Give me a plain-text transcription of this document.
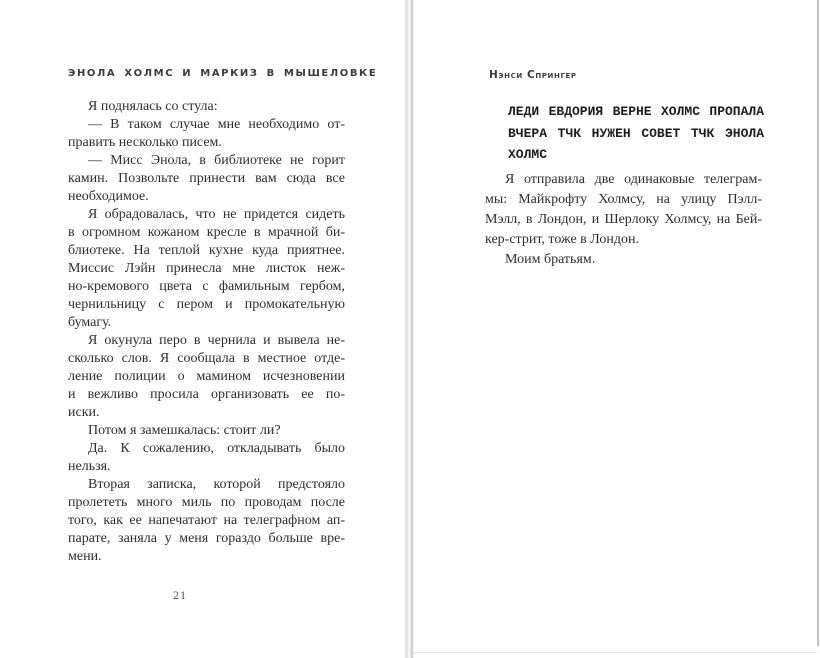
ЭНОЛА ХОЛМС И МАРКИЗ В МЫШЕЛОВКЕ

Я поднялась со стула:

— В таком случае мне необходимо от-
править несколько писем.

— Мисс Энола, в библиотеке не горит
камин. Позвольте принести вам сюда все
необходимое.

Я обрадовалась, что не придется сидеть
в огромном кожаном кресле в мрачной би-
блиотеке. На теплой кухне куда приятнее.
Миссис Лэйн принесла мне листок неж-
но-кремового цвета с фамильным гербом,
чернильницу с пером и промокательную
бумагу.

Я окунула перо в чернила и вывела не-
сколько слов. Я сообщала в местное отде-
ление полиции о мамином исчезновении
и вежливо просила организовать ее по-
иски.

Потом я замешкалась: стоит ли?

Да. К сожалению, откладывать было
нельзя.

Вторая записка, которой предстояло
пролететь много миль по проводам после
того, как ее напечатают на телеграфном ап-
парате, заняла у меня гораздо больше вре-
мени.

21
Нэнси Спрингер
ЛЕДИ ЕВДОРИЯ ВЕРНЕ ХОЛМС ПРОПАЛА
ВЧЕРА ТЧК НУЖЕН СОВЕТ ТЧК ЭНОЛА
ХОЛМС

Я отправила две одинаковые телеграм-
мы: Майкрофту Холмсу, на улицу Пэлл-
Мэлл, в Лондон, и Шерлоку Холмсу, на Бей-
кер-стрит, тоже в Лондон.

Моим братьям.
